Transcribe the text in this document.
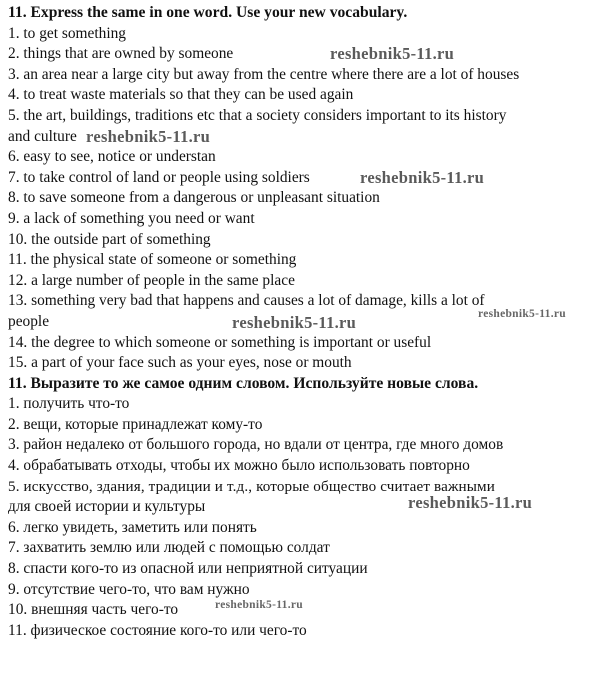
11. Express the same in one word. Use your new vocabulary.
1. to get something
2. things that are owned by someone
3. an area near a large city but away from the centre where there are a lot of houses
4. to treat waste materials so that they can be used again
5. the art, buildings, traditions etc that a society considers important to its history
and culture
6. easy to see, notice or understan
7. to take control of land or people using soldiers
8. to save someone from a dangerous or unpleasant situation
9. a lack of something you need or want
10. the outside part of something
11. the physical state of someone or something
12. a large number of people in the same place
13. something very bad that happens and causes a lot of damage, kills a lot of
people
14. the degree to which someone or something is important or useful
15. a part of your face such as your eyes, nose or mouth
11. Выразите то же самое одним словом. Используйте новые слова.
1. получить что-то
2. вещи, которые принадлежат кому-то
3. район недалеко от большого города, но вдали от центра, где много домов
4. обрабатывать отходы, чтобы их можно было использовать повторно
5. искусство, здания, традиции и т.д., которые общество считает важными
для своей истории и культуры
6. легко увидеть, заметить или понять
7. захватить землю или людей с помощью солдат
8. спасти кого-то из опасной или неприятной ситуации
9. отсутствие чего-то, что вам нужно
10. внешняя часть чего-то
11. физическое состояние кого-то или чего-то
reshebnik5-11.ru
reshebnik5-11.ru
reshebnik5-11.ru
reshebnik5-11.ru	reshebnik5-11.ru
reshebnik5-11.ru
reshebnik5-11.ru
